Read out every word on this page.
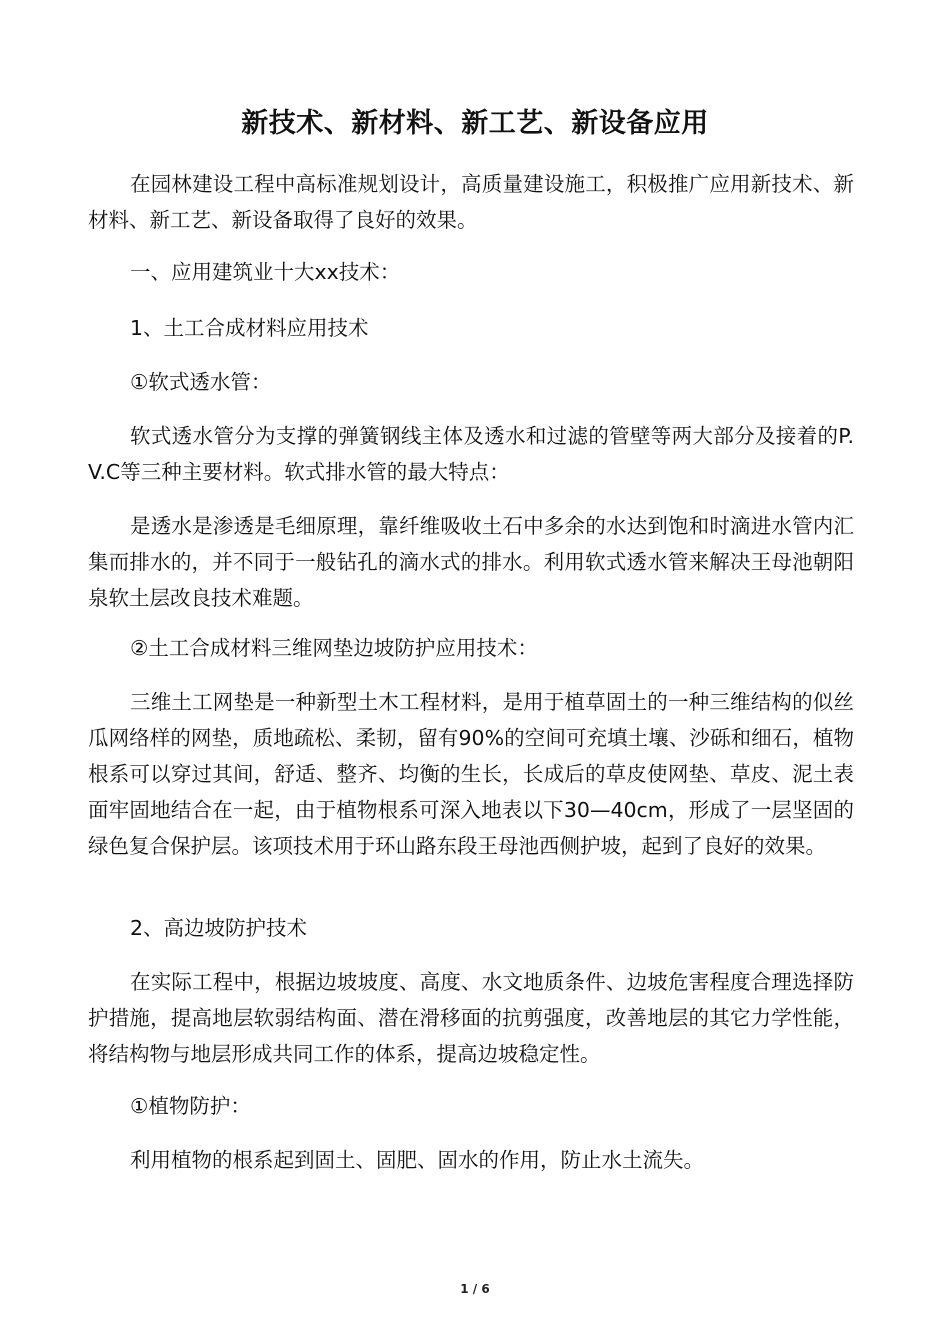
新技术、新材料、新工艺、新设备应用

在园林建设工程中高标准规划设计，高质量建设施工，积极推广应用新技术、新材料、新工艺、新设备取得了良好的效果。

一、应用建筑业十大xx技术：

1、土工合成材料应用技术

①软式透水管：

软式透水管分为支撑的弹簧钢线主体及透水和过滤的管壁等两大部分及接着的P.V.C等三种主要材料。软式排水管的最大特点：

是透水是渗透是毛细原理，靠纤维吸收土石中多余的水达到饱和时滴进水管内汇集而排水的，并不同于一般钻孔的滴水式的排水。利用软式透水管来解决王母池朝阳泉软土层改良技术难题。

②土工合成材料三维网垫边坡防护应用技术：

三维土工网垫是一种新型土木工程材料，是用于植草固土的一种三维结构的似丝瓜网络样的网垫，质地疏松、柔韧，留有90%的空间可充填土壤、沙砾和细石，植物根系可以穿过其间，舒适、整齐、均衡的生长，长成后的草皮使网垫、草皮、泥土表面牢固地结合在一起，由于植物根系可深入地表以下30—40cm，形成了一层坚固的绿色复合保护层。该项技术用于环山路东段王母池西侧护坡，起到了良好的效果。

2、高边坡防护技术

在实际工程中，根据边坡坡度、高度、水文地质条件、边坡危害程度合理选择防护措施，提高地层软弱结构面、潜在滑移面的抗剪强度，改善地层的其它力学性能，将结构物与地层形成共同工作的体系，提高边坡稳定性。

①植物防护：

利用植物的根系起到固土、固肥、固水的作用，防止水土流失。

1 / 6
